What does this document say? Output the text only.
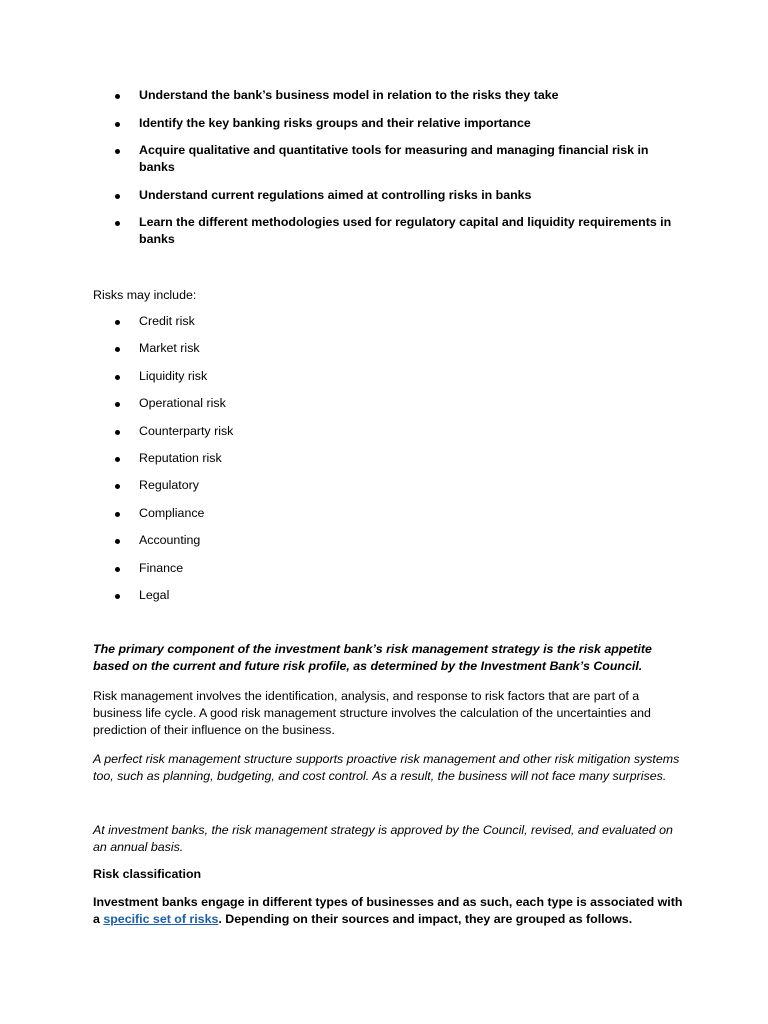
Understand the bank’s business model in relation to the risks they take
Identify the key banking risks groups and their relative importance
Acquire qualitative and quantitative tools for measuring and managing financial risk in banks
Understand current regulations aimed at controlling risks in banks
Learn the different methodologies used for regulatory capital and liquidity requirements in banks
Risks may include:
Credit risk
Market risk
Liquidity risk
Operational risk
Counterparty risk
Reputation risk
Regulatory
Compliance
Accounting
Finance
Legal
The primary component of the investment bank’s risk management strategy is the risk appetite based on the current and future risk profile, as determined by the Investment Bank’s Council.
Risk management involves the identification, analysis, and response to risk factors that are part of a business life cycle. A good risk management structure involves the calculation of the uncertainties and prediction of their influence on the business.
A perfect risk management structure supports proactive risk management and other risk mitigation systems too, such as planning, budgeting, and cost control. As a result, the business will not face many surprises.
At investment banks, the risk management strategy is approved by the Council, revised, and evaluated on an annual basis.
Risk classification
Investment banks engage in different types of businesses and as such, each type is associated with a specific set of risks. Depending on their sources and impact, they are grouped as follows.
